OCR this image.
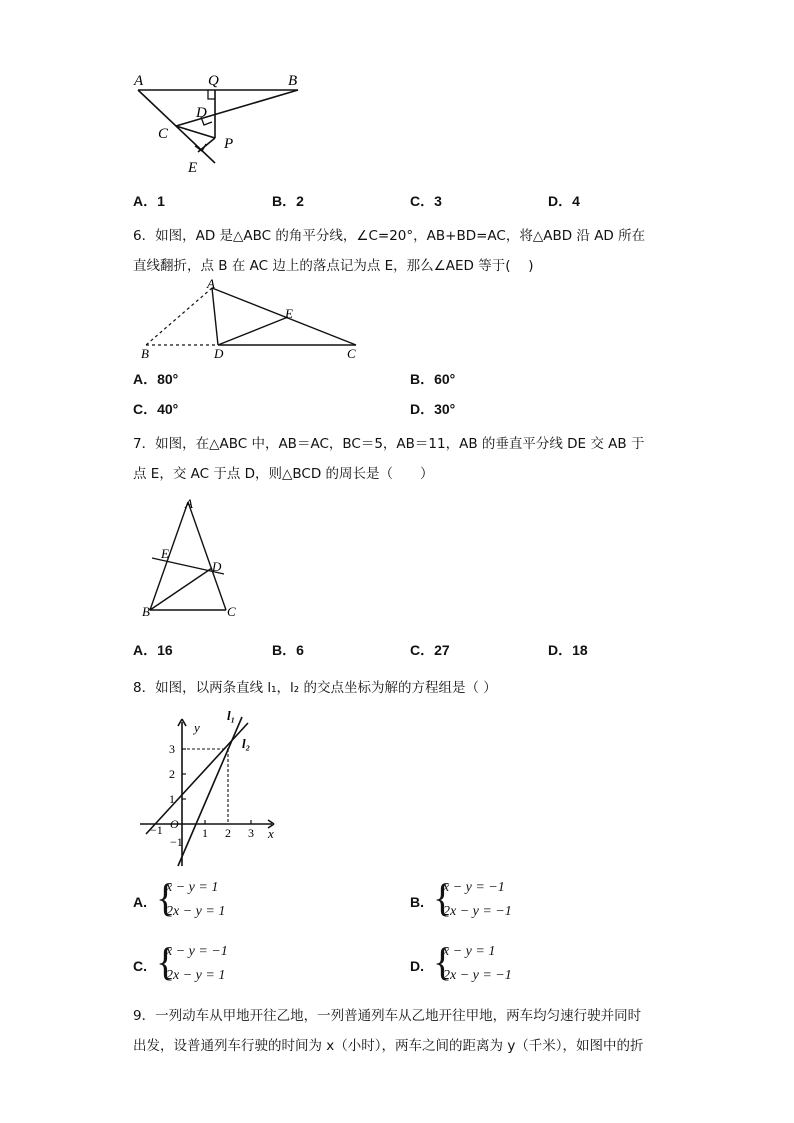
A	Q	B
D
C
P
E
A．1	B．2	C．3	D．4
6．如图，AD 是△ABC 的角平分线，∠C=20°，AB+BD=AC，将△ABD 沿 AD 所在
直线翻折，点 B 在 AC 边上的落点记为点 E，那么∠AED 等于(　 )
A
E
B	D	C
A．80°	B．60°
C．40°	D．30°
7．如图，在△ABC 中，AB＝AC，BC＝5，AB＝11，AB 的垂直平分线 DE 交 AB 于
点 E，交 AC 于点 D，则△BCD 的周长是（　　）
A
E
D
B	C
A．16	B．6	C．27	D．18
8．如图，以两条直线 l₁，l₂ 的交点坐标为解的方程组是（ ）
y
x
l₁
l₂
3
2
1
O
−1	1 2 3
−1
A. {
x − y = 1
2x − y = 1
B. {
x − y = −1
2x − y = −1
C. {
x − y = −1
2x − y = 1
D. {
x − y = 1
2x − y = −1
9．一列动车从甲地开往乙地，一列普通列车从乙地开往甲地，两车均匀速行驶并同时
出发，设普通列车行驶的时间为 x（小时），两车之间的距离为 y（千米），如图中的折
